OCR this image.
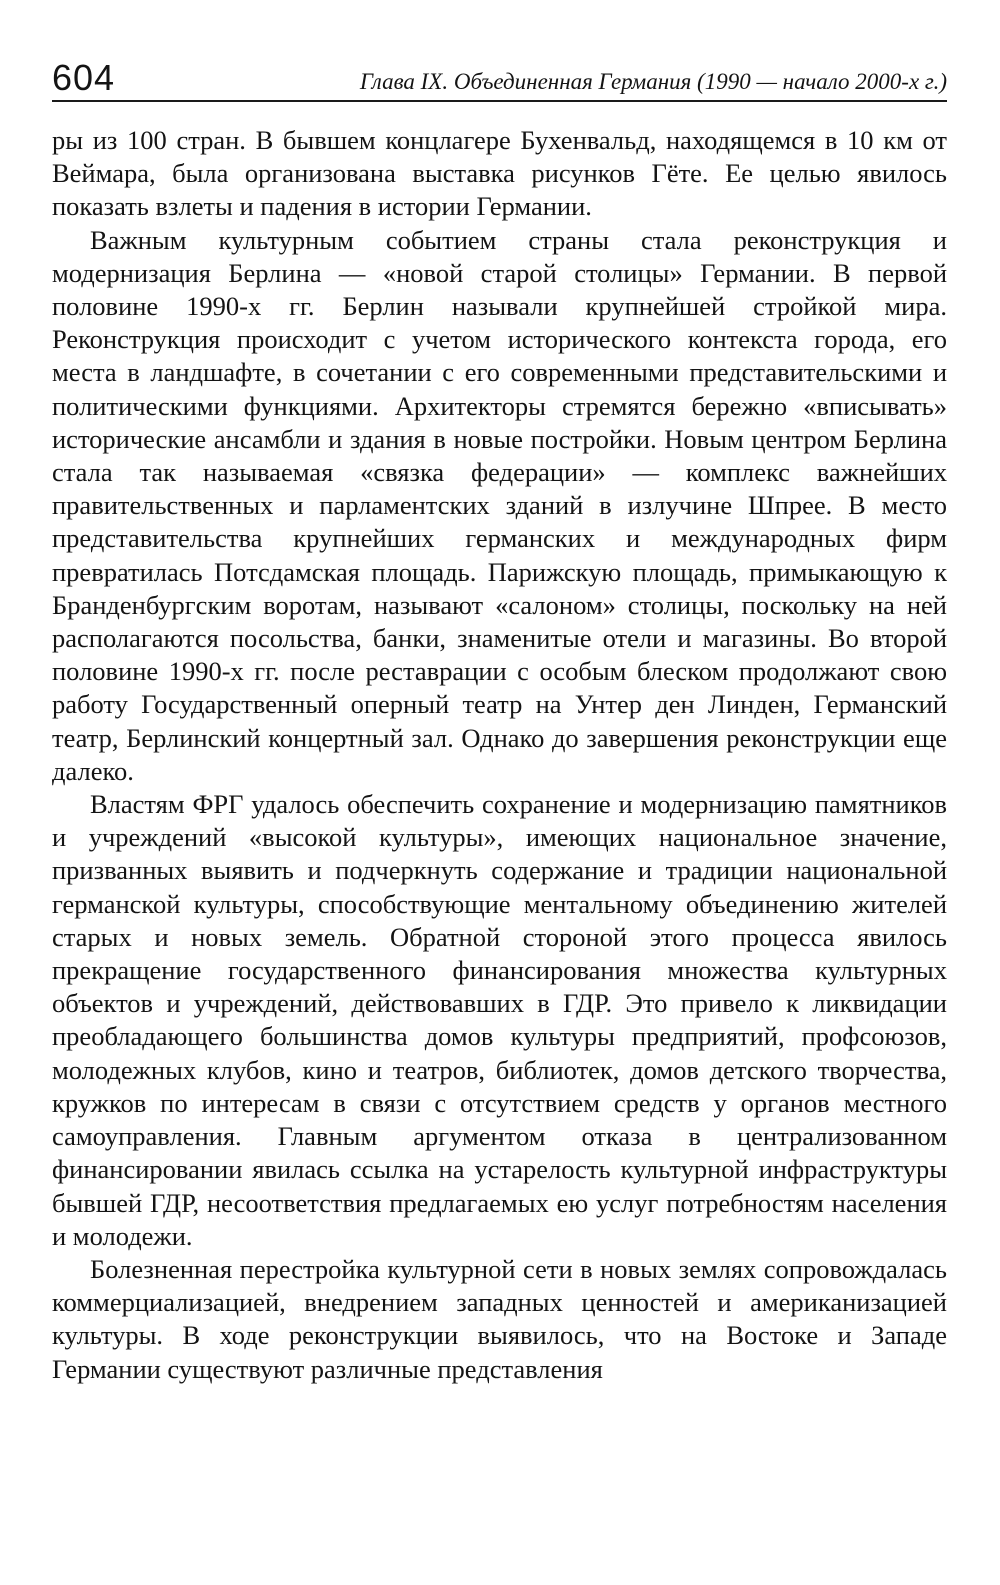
604	Глава IX. Объединенная Германия (1990 — начало 2000-х г.)

ры из 100 стран. В бывшем концлагере Бухенвальд, находящемся в 10 км от Веймара, была организована выставка рисунков Гёте. Ее целью явилось показать взлеты и падения в истории Германии.

Важным культурным событием страны стала реконструкция и модернизация Берлина — «новой старой столицы» Германии. В первой половине 1990-х гг. Берлин называли крупнейшей стройкой мира. Реконструкция происходит с учетом исторического контекста города, его места в ландшафте, в сочетании с его современными представительскими и политическими функциями. Архитекторы стремятся бережно «вписывать» исторические ансамбли и здания в новые постройки. Новым центром Берлина стала так называемая «связка федерации» — комплекс важнейших правительственных и парламентских зданий в излучине Шпрее. В место представительства крупнейших германских и международных фирм превратилась Потсдамская площадь. Парижскую площадь, примыкающую к Бранденбургским воротам, называют «салоном» столицы, поскольку на ней располагаются посольства, банки, знаменитые отели и магазины. Во второй половине 1990-х гг. после реставрации с особым блеском продолжают свою работу Государственный оперный театр на Унтер ден Линден, Германский театр, Берлинский концертный зал. Однако до завершения реконструкции еще далеко.

Властям ФРГ удалось обеспечить сохранение и модернизацию памятников и учреждений «высокой культуры», имеющих национальное значение, призванных выявить и подчеркнуть содержание и традиции национальной германской культуры, способствующие ментальному объединению жителей старых и новых земель. Обратной стороной этого процесса явилось прекращение государственного финансирования множества культурных объектов и учреждений, действовавших в ГДР. Это привело к ликвидации преобладающего большинства домов культуры предприятий, профсоюзов, молодежных клубов, кино и театров, библиотек, домов детского творчества, кружков по интересам в связи с отсутствием средств у органов местного самоуправления. Главным аргументом отказа в централизованном финансировании явилась ссылка на устарелость культурной инфраструктуры бывшей ГДР, несоответствия предлагаемых ею услуг потребностям населения и молодежи.

Болезненная перестройка культурной сети в новых землях сопровождалась коммерциализацией, внедрением западных ценностей и американизацией культуры. В ходе реконструкции выявилось, что на Востоке и Западе Германии существуют различные представления
